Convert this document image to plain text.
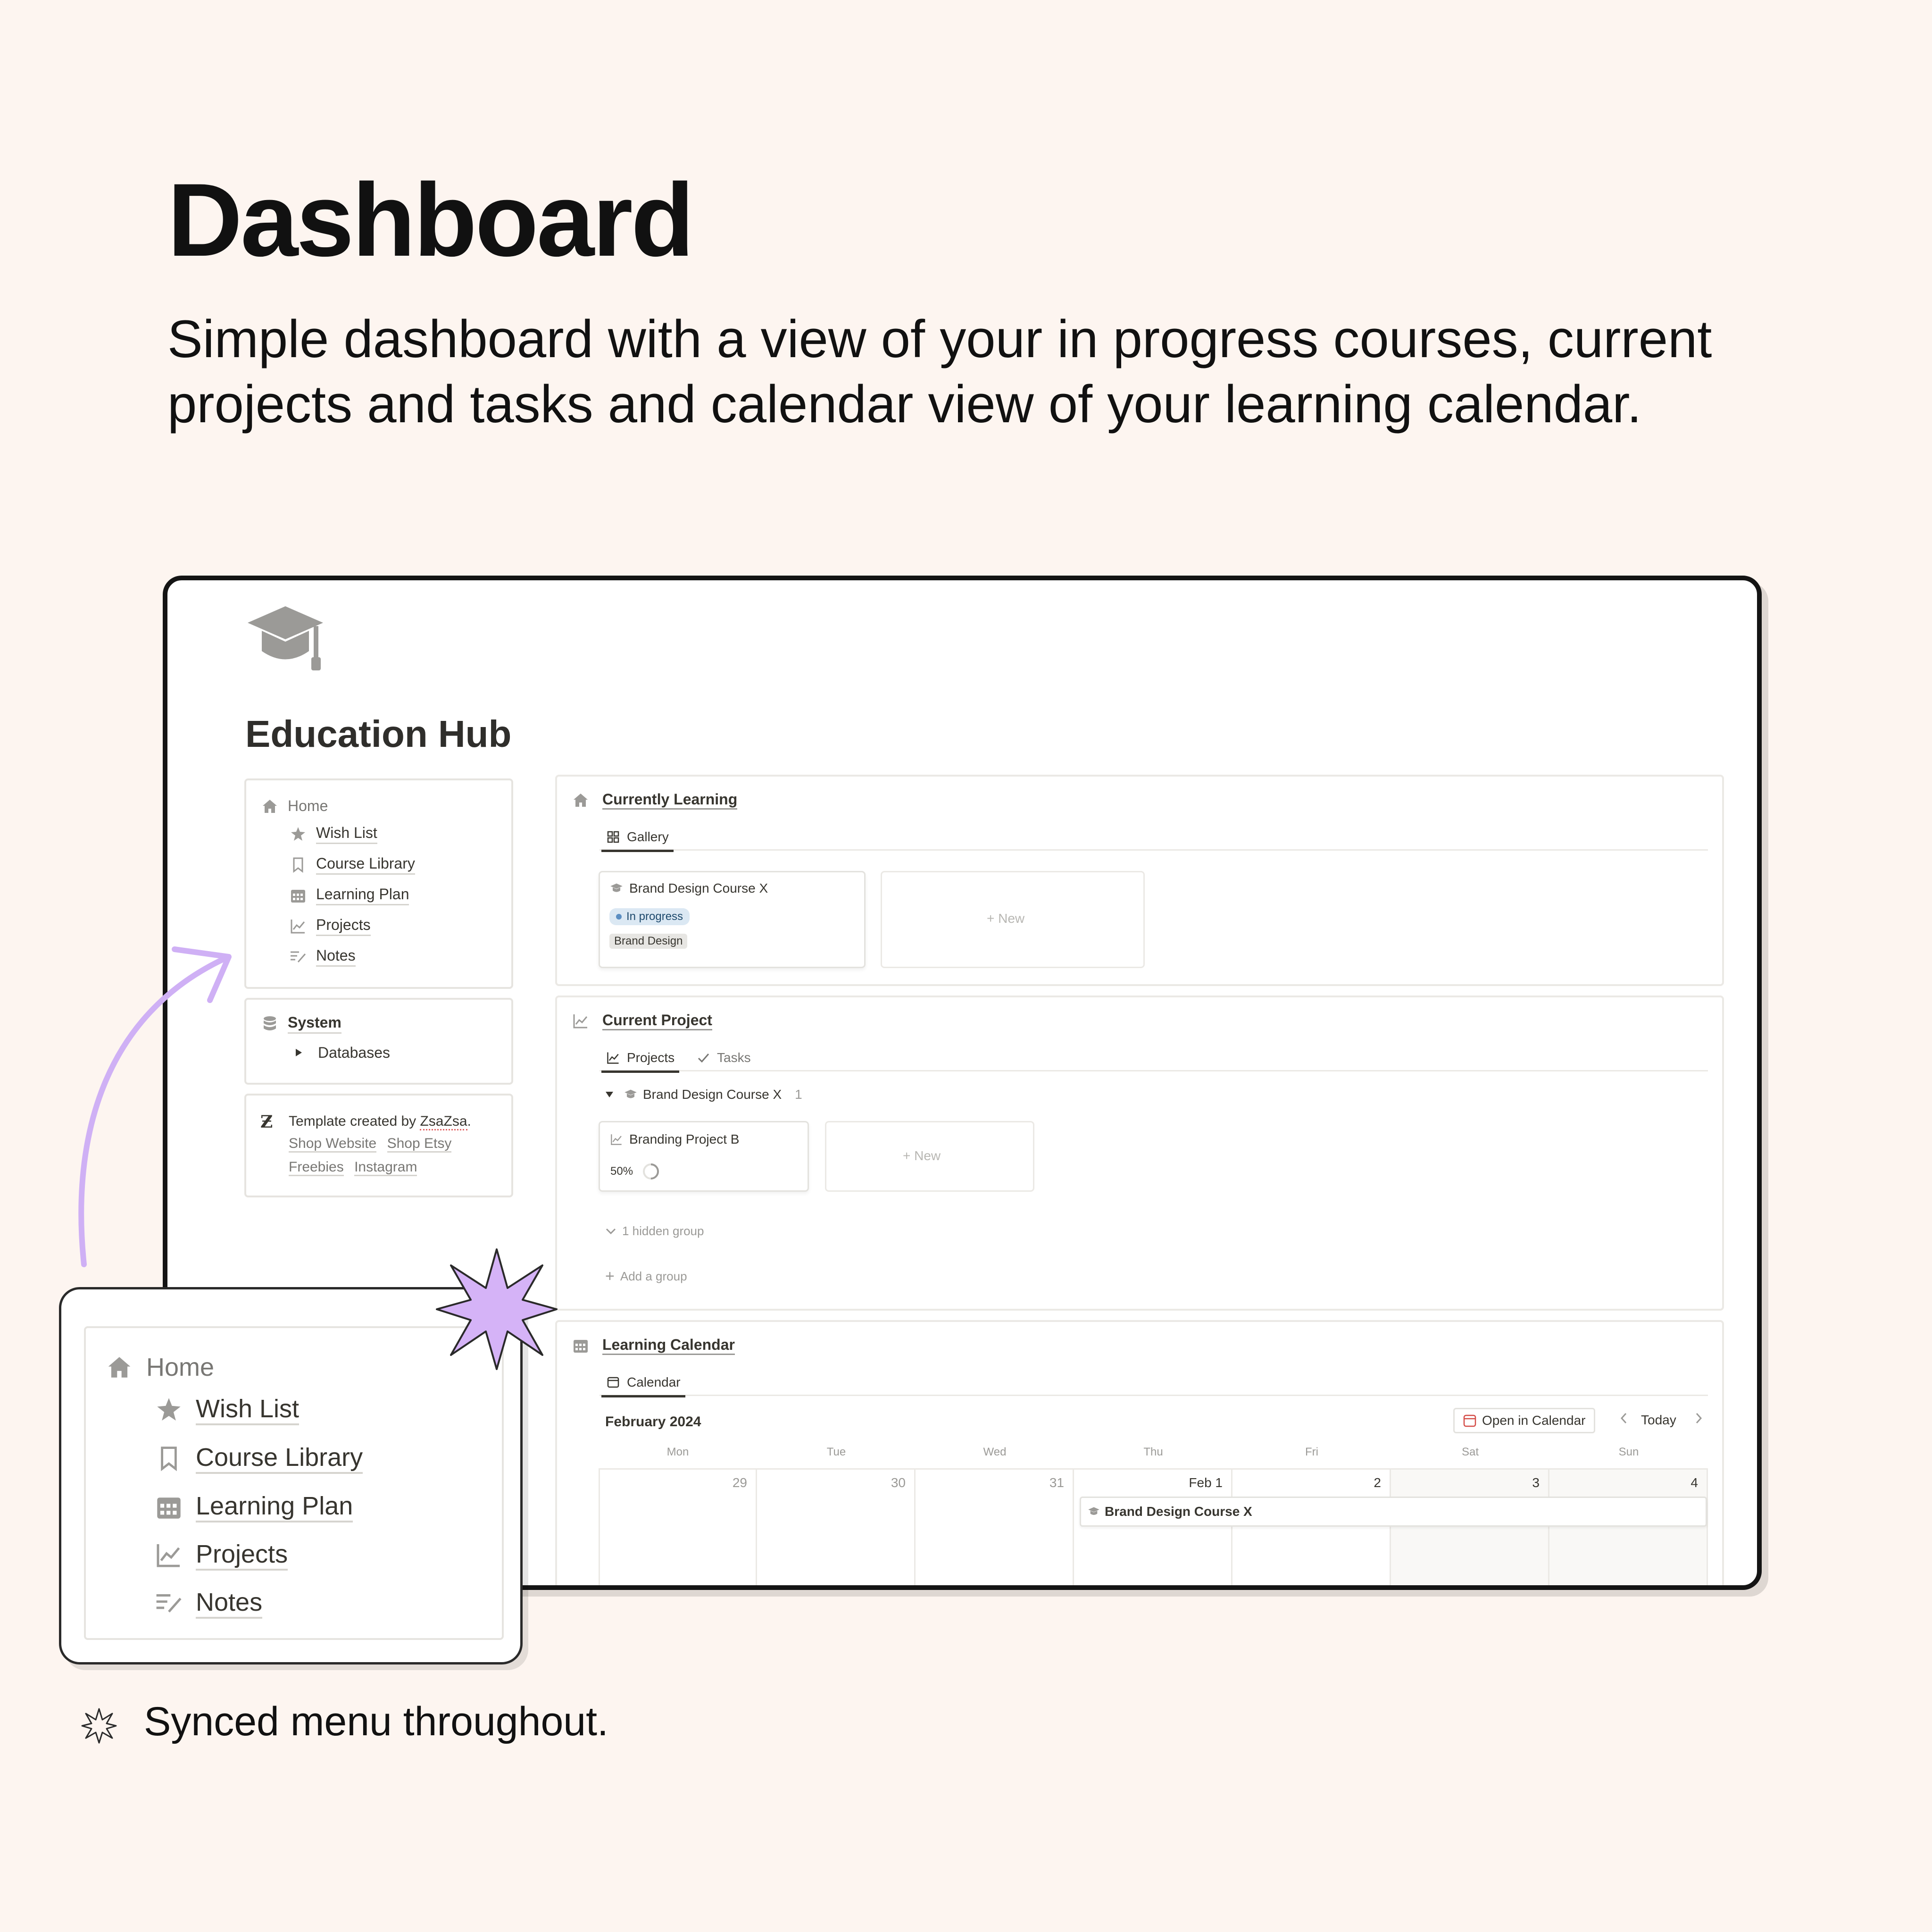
Dashboard
Simple dashboard with a view of your in progress courses, current projects and tasks and calendar view of your learning calendar.
Education Hub
Home
Wish List
Course Library
Learning Plan
Projects
Notes
System
Databases
Ƶ Template created by ZsaZsa.
Shop Website Shop Etsy
Freebies Instagram
Currently Learning
Gallery
Brand Design Course X
In progress
Brand Design
+ New
Current Project
Projects	Tasks
Brand Design Course X 1
Branding Project B
50%
+ New
1 hidden group
+ Add a group
Learning Calendar
Calendar
February 2024	Open in Calendar	Today
Mon	Tue	Wed	Thu	Fri	Sat	Sun
29	30	31	Feb 1	2	3	4
Brand Design Course X
Home
Wish List
Course Library
Learning Plan
Projects
Notes
Synced menu throughout.
